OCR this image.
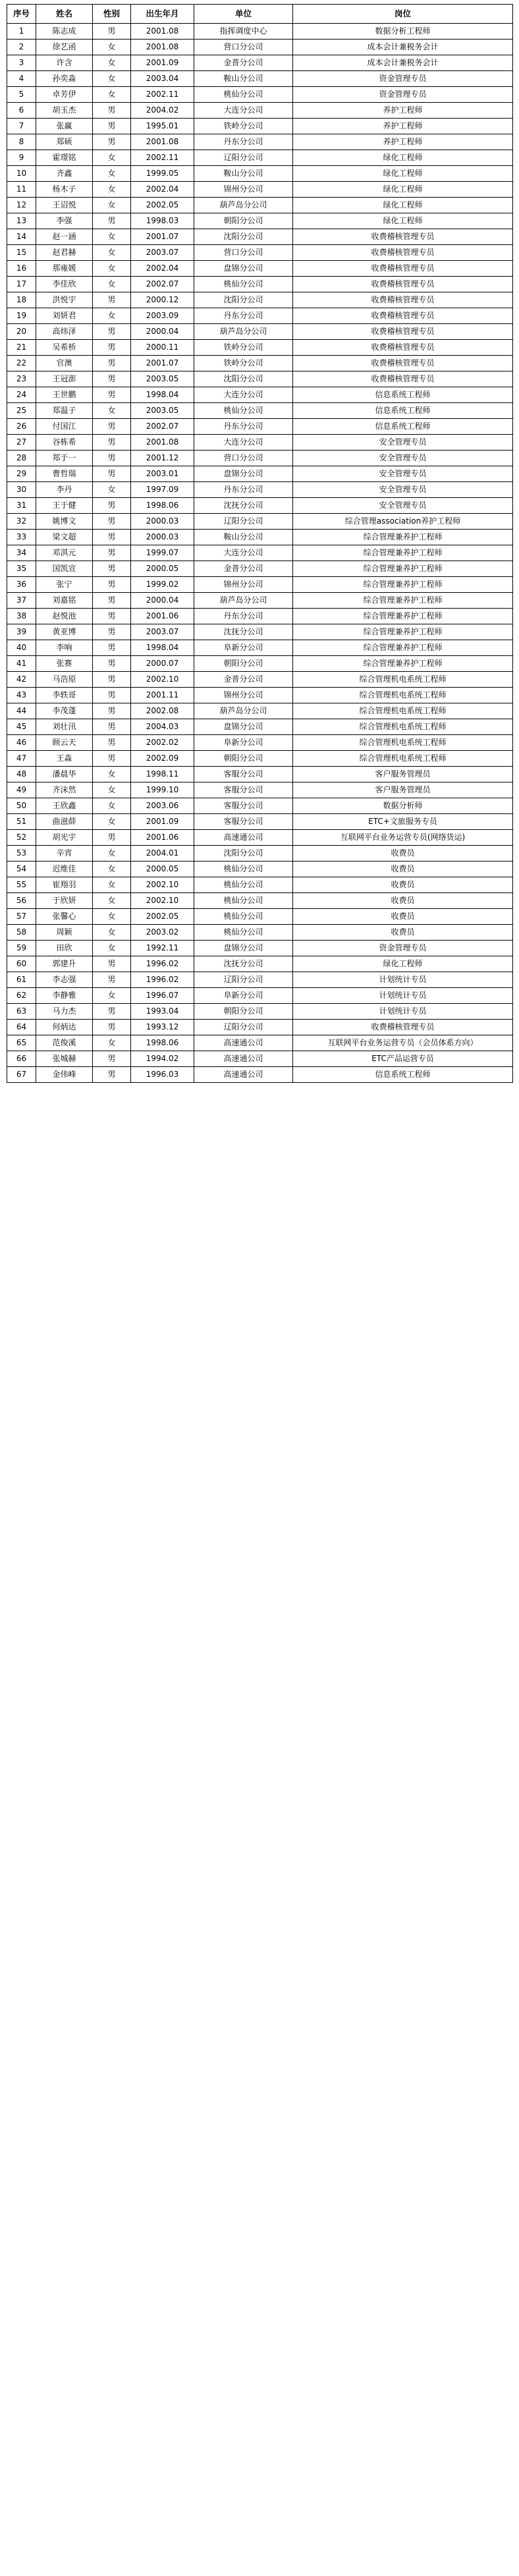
序号	姓名	性别	出生年月	单位	岗位
1	陈志成	男	2001.08	指挥调度中心	数据分析工程师
2	徐艺函	女	2001.08	营口分公司	成本会计兼税务会计
3	许含	女	2001.09	金普分公司	成本会计兼税务会计
4	孙奕淼	女	2003.04	鞍山分公司	资金管理专员
5	卓芳伊	女	2002.11	桃仙分公司	资金管理专员
6	胡玉杰	男	2004.02	大连分公司	养护工程师
7	张赢	男	1995.01	铁岭分公司	养护工程师
8	郑硕	男	2001.08	丹东分公司	养护工程师
9	霍璟铭	女	2002.11	辽阳分公司	绿化工程师
10	齐鑫	女	1999.05	鞍山分公司	绿化工程师
11	杨木子	女	2002.04	锦州分公司	绿化工程师
12	王诏悦	女	2002.05	葫芦岛分公司	绿化工程师
13	李强	男	1998.03	朝阳分公司	绿化工程师
14	赵一涵	女	2001.07	沈阳分公司	收费稽核管理专员
15	赵君赫	女	2003.07	营口分公司	收费稽核管理专员
16	那雍媛	女	2002.04	盘锦分公司	收费稽核管理专员
17	李佳欣	女	2002.07	桃仙分公司	收费稽核管理专员
18	洪悦宇	男	2000.12	沈阳分公司	收费稽核管理专员
19	刘妍君	女	2003.09	丹东分公司	收费稽核管理专员
20	高炜泽	男	2000.04	葫芦岛分公司	收费稽核管理专员
21	吴希桥	男	2000.11	铁岭分公司	收费稽核管理专员
22	官澳	男	2001.07	铁岭分公司	收费稽核管理专员
23	王冠澎	男	2003.05	沈阳分公司	收费稽核管理专员
24	王世鹏	男	1998.04	大连分公司	信息系统工程师
25	郑温子	女	2003.05	桃仙分公司	信息系统工程师
26	付国江	男	2002.07	丹东分公司	信息系统工程师
27	谷栋希	男	2001.08	大连分公司	安全管理专员
28	郑于一	男	2001.12	营口分公司	安全管理专员
29	曹哲瑞	男	2003.01	盘锦分公司	安全管理专员
30	李丹	女	1997.09	丹东分公司	安全管理专员
31	王于健	男	1998.06	沈抚分公司	安全管理专员
32	姚博文	男	2000.03	辽阳分公司	综合管理association养护工程师
33	梁文超	男	2000.03	鞍山分公司	综合管理兼养护工程师
34	邓淇元	男	1999.07	大连分公司	综合管理兼养护工程师
35	国凯宣	男	2000.05	金普分公司	综合管理兼养护工程师
36	张宁	男	1999.02	锦州分公司	综合管理兼养护工程师
37	刘嘉铭	男	2000.04	葫芦岛分公司	综合管理兼养护工程师
38	赵悦池	男	2001.06	丹东分公司	综合管理兼养护工程师
39	黄亚博	男	2003.07	沈抚分公司	综合管理兼养护工程师
40	李响	男	1998.04	阜新分公司	综合管理兼养护工程师
41	张赛	男	2000.07	朝阳分公司	综合管理兼养护工程师
42	马浩原	男	2002.10	金普分公司	综合管理机电系统工程师
43	李轶哥	男	2001.11	锦州分公司	综合管理机电系统工程师
44	李茂蓬	男	2002.08	葫芦岛分公司	综合管理机电系统工程师
45	刘壮汛	男	2004.03	盘锦分公司	综合管理机电系统工程师
46	顾云天	男	2002.02	阜新分公司	综合管理机电系统工程师
47	王淼	男	2002.09	朝阳分公司	综合管理机电系统工程师
48	潘晨华	女	1998.11	客服分公司	客户服务管理员
49	齐沫然	女	1999.10	客服分公司	客户服务管理员
50	王欣鑫	女	2003.06	客服分公司	数据分析师
51	曲滋薛	女	2001.09	客服分公司	ETC+文旅服务专员
52	胡光宇	男	2001.06	高速通公司	互联网平台业务运营专员(网络货运)
53	辛宵	女	2004.01	沈阳分公司	收费员
54	迟维佳	女	2000.05	桃仙分公司	收费员
55	崔翔羽	女	2002.10	桃仙分公司	收费员
56	于欣妍	女	2002.10	桃仙分公司	收费员
57	张馨心	女	2002.05	桃仙分公司	收费员
58	周颖	女	2003.02	桃仙分公司	收费员
59	田欣	女	1992.11	盘锦分公司	资金管理专员
60	郭建升	男	1996.02	沈抚分公司	绿化工程师
61	李志强	男	1996.02	辽阳分公司	计划统计专员
62	李静雅	女	1996.07	阜新分公司	计划统计专员
63	马力杰	男	1993.04	朝阳分公司	计划统计专员
64	何炳达	男	1993.12	辽阳分公司	收费稽核管理专员
65	范俊溪	女	1998.06	高速通公司	互联网平台业务运营专员（会员体系方向）
66	张城赫	男	1994.02	高速通公司	ETC产品运营专员
67	金伟峰	男	1996.03	高速通公司	信息系统工程师
